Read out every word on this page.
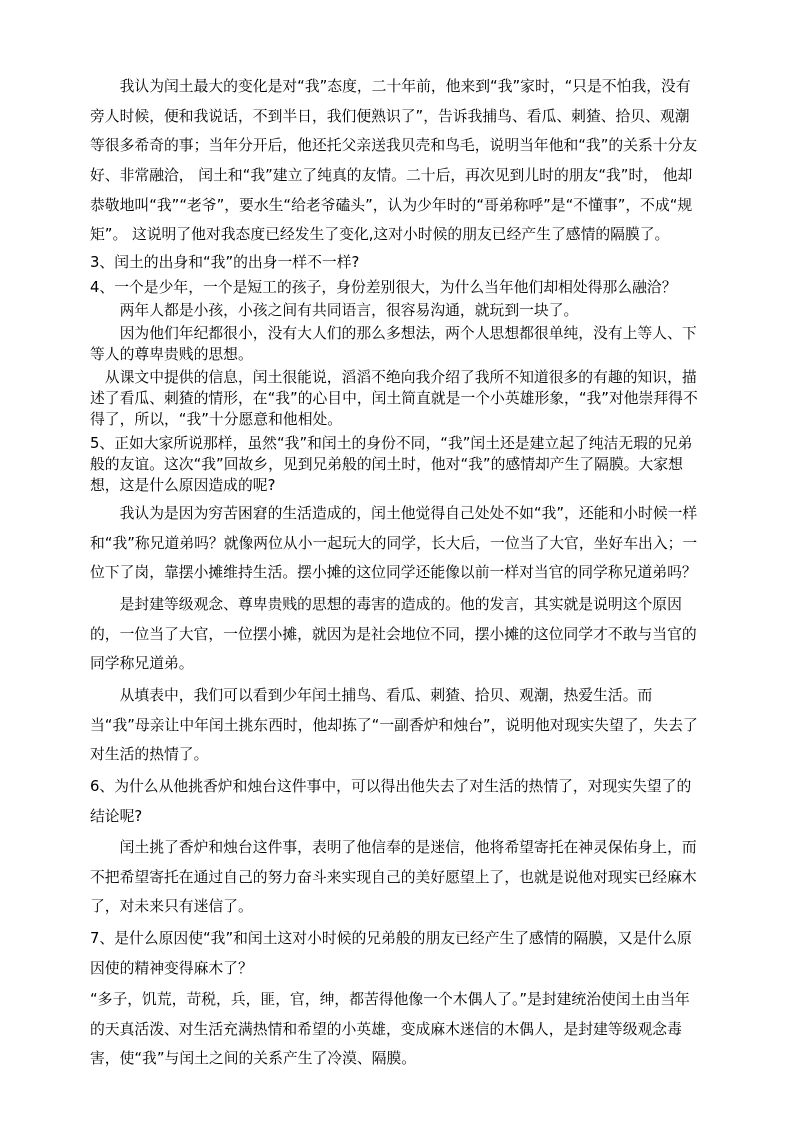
我认为闰土最大的变化是对“我”态度，二十年前，他来到“我”家时，“只是不怕我，没有旁人时候，便和我说话，不到半日，我们便熟识了”，告诉我捕鸟、看瓜、刺猹、拾贝、观潮等很多希奇的事；当年分开后，他还托父亲送我贝壳和鸟毛，说明当年他和“我”的关系十分友好、非常融洽， 闰土和“我”建立了纯真的友情。二十后，再次见到儿时的朋友“我”时， 他却恭敬地叫“我”“老爷”，要水生“给老爷磕头”，认为少年时的“哥弟称呼”是“不懂事”，不成“规矩”。 这说明了他对我态度已经发生了变化,这对小时候的朋友已经产生了感情的隔膜了。

3、闰土的出身和“我”的出身一样不一样?

4、一个是少年，一个是短工的孩子，身份差别很大，为什么当年他们却相处得那么融洽？

两年人都是小孩，小孩之间有共同语言，很容易沟通，就玩到一块了。

因为他们年纪都很小，没有大人们的那么多想法，两个人思想都很单纯，没有上等人、下等人的尊卑贵贱的思想。

从课文中提供的信息，闰土很能说，滔滔不绝向我介绍了我所不知道很多的有趣的知识，描述了看瓜、刺猹的情形，在“我”的心目中，闰土简直就是一个小英雄形象，“我”对他崇拜得不得了，所以，“我”十分愿意和他相处。

5、正如大家所说那样，虽然“我”和闰土的身份不同，“我”闰土还是建立起了纯洁无瑕的兄弟般的友谊。这次“我”回故乡，见到兄弟般的闰土时，他对“我”的感情却产生了隔膜。大家想想，这是什么原因造成的呢?

我认为是因为穷苦困窘的生活造成的，闰土他觉得自己处处不如“我”，还能和小时候一样和“我”称兄道弟吗？就像两位从小一起玩大的同学，长大后，一位当了大官，坐好车出入；一位下了岗，靠摆小摊维持生活。摆小摊的这位同学还能像以前一样对当官的同学称兄道弟吗？

是封建等级观念、尊卑贵贱的思想的毒害的造成的。他的发言，其实就是说明这个原因的，一位当了大官，一位摆小摊，就因为是社会地位不同，摆小摊的这位同学才不敢与当官的同学称兄道弟。

从填表中，我们可以看到少年闰土捕鸟、看瓜、刺猹、拾贝、观潮，热爱生活。而当“我”母亲让中年闰土挑东西时，他却拣了“一副香炉和烛台”，说明他对现实失望了，失去了对生活的热情了。

6、为什么从他挑香炉和烛台这件事中，可以得出他失去了对生活的热情了，对现实失望了的结论呢?

闰土挑了香炉和烛台这件事，表明了他信奉的是迷信，他将希望寄托在神灵保佑身上，而不把希望寄托在通过自己的努力奋斗来实现自己的美好愿望上了，也就是说他对现实已经麻木了，对未来只有迷信了。

7、是什么原因使“我”和闰土这对小时候的兄弟般的朋友已经产生了感情的隔膜，又是什么原因使的精神变得麻木了？

“多子，饥荒，苛税，兵，匪，官，绅，都苦得他像一个木偶人了。”是封建统治使闰土由当年的天真活泼、对生活充满热情和希望的小英雄，变成麻木迷信的木偶人，是封建等级观念毒害，使“我”与闰土之间的关系产生了冷漠、隔膜。
